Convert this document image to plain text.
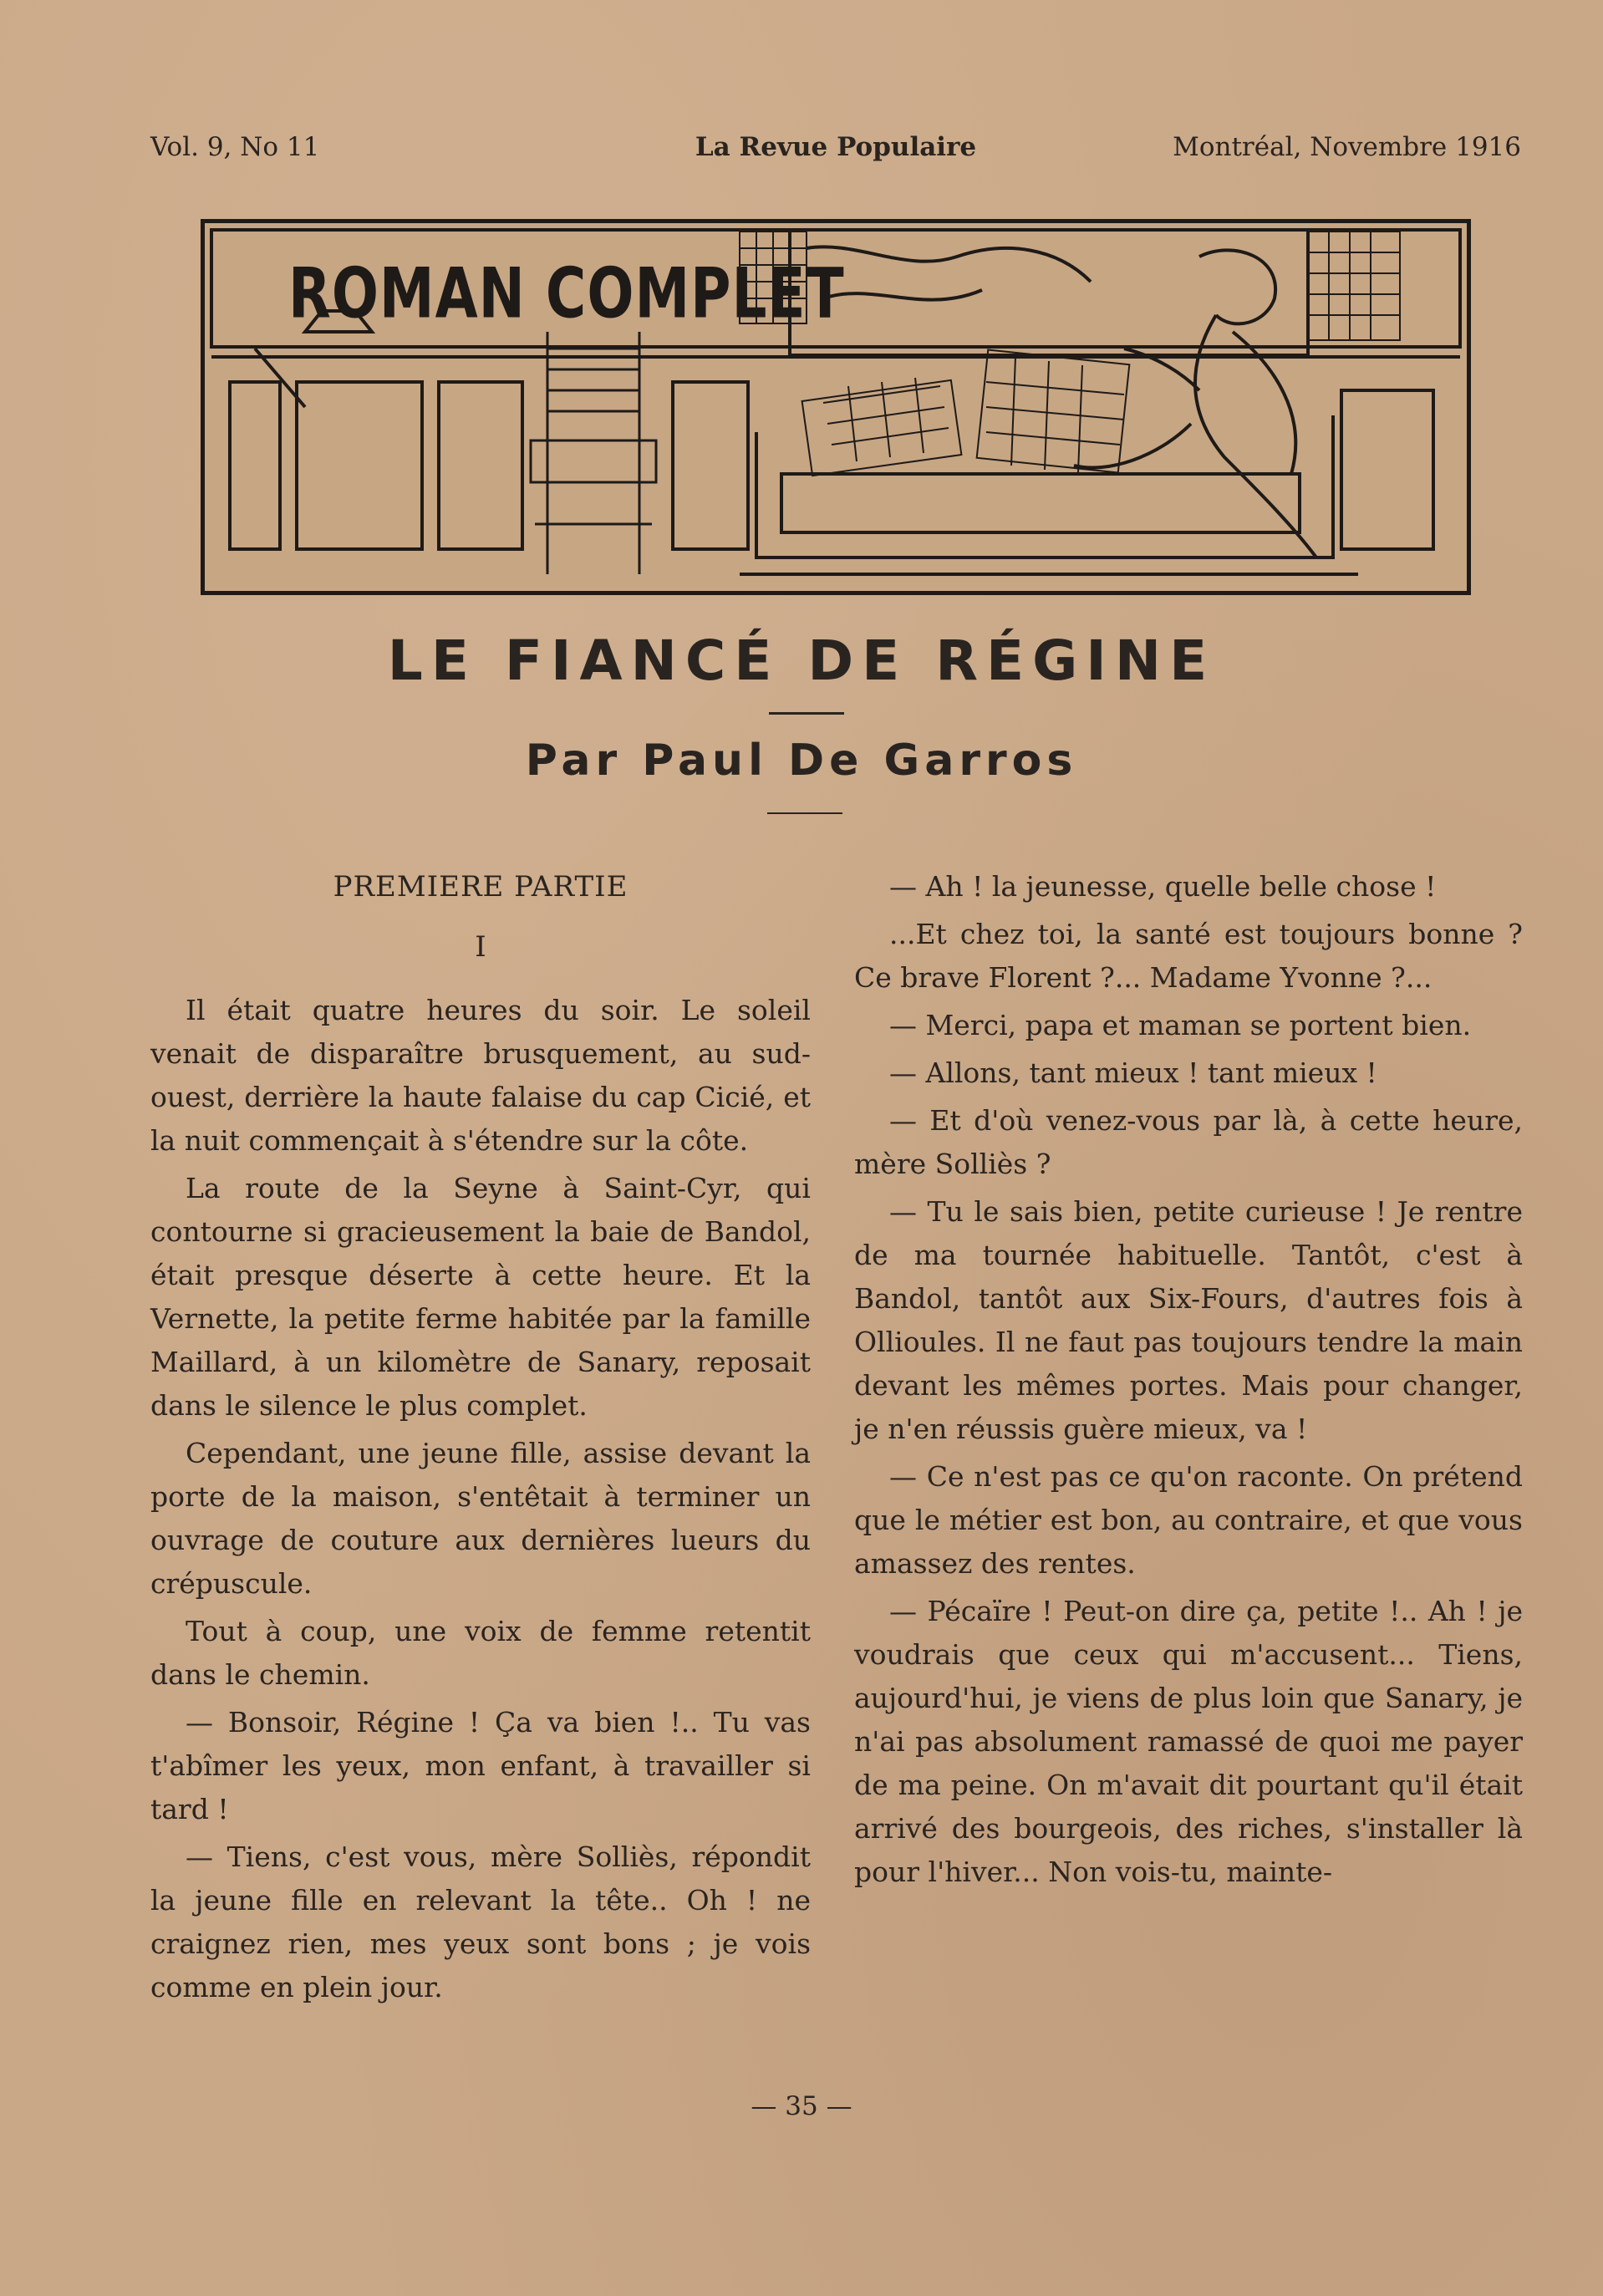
Vol. 9, No 11	La Revue Populaire	Montréal, Novembre 1916
ROMAN COMPLET
LE FIANCÉ DE RÉGINE
Par Paul De Garros

PREMIERE PARTIE

I

Il était quatre heures du soir. Le soleil venait de disparaître brusquement, au sud-ouest, derrière la haute falaise du cap Cicié, et la nuit commençait à s'étendre sur la côte.

La route de la Seyne à Saint-Cyr, qui contourne si gracieusement la baie de Bandol, était presque déserte à cette heure. Et la Vernette, la petite ferme habitée par la famille Maillard, à un kilomètre de Sanary, reposait dans le silence le plus complet.

Cependant, une jeune fille, assise devant la porte de la maison, s'entêtait à terminer un ouvrage de couture aux dernières lueurs du crépuscule.

Tout à coup, une voix de femme retentit dans le chemin.

— Bonsoir, Régine ! Ça va bien !.. Tu vas t'abîmer les yeux, mon enfant, à travailler si tard !

— Tiens, c'est vous, mère Solliès, répondit la jeune fille en relevant la tête.. Oh ! ne craignez rien, mes yeux sont bons ; je vois comme en plein jour.

— Ah ! la jeunesse, quelle belle chose !

...Et chez toi, la santé est toujours bonne ? Ce brave Florent ?... Madame Yvonne ?...

— Merci, papa et maman se portent bien.

— Allons, tant mieux ! tant mieux !

— Et d'où venez-vous par là, à cette heure, mère Solliès ?

— Tu le sais bien, petite curieuse ! Je rentre de ma tournée habituelle. Tantôt, c'est à Bandol, tantôt aux Six-Fours, d'autres fois à Ollioules. Il ne faut pas toujours tendre la main devant les mêmes portes. Mais pour changer, je n'en réussis guère mieux, va !

— Ce n'est pas ce qu'on raconte. On prétend que le métier est bon, au contraire, et que vous amassez des rentes.

— Pécaïre ! Peut-on dire ça, petite !.. Ah ! je voudrais que ceux qui m'accusent... Tiens, aujourd'hui, je viens de plus loin que Sanary, je n'ai pas absolument ramassé de quoi me payer de ma peine. On m'avait dit pourtant qu'il était arrivé des bourgeois, des riches, s'installer là pour l'hiver... Non vois-tu, mainte-

— 35 —
